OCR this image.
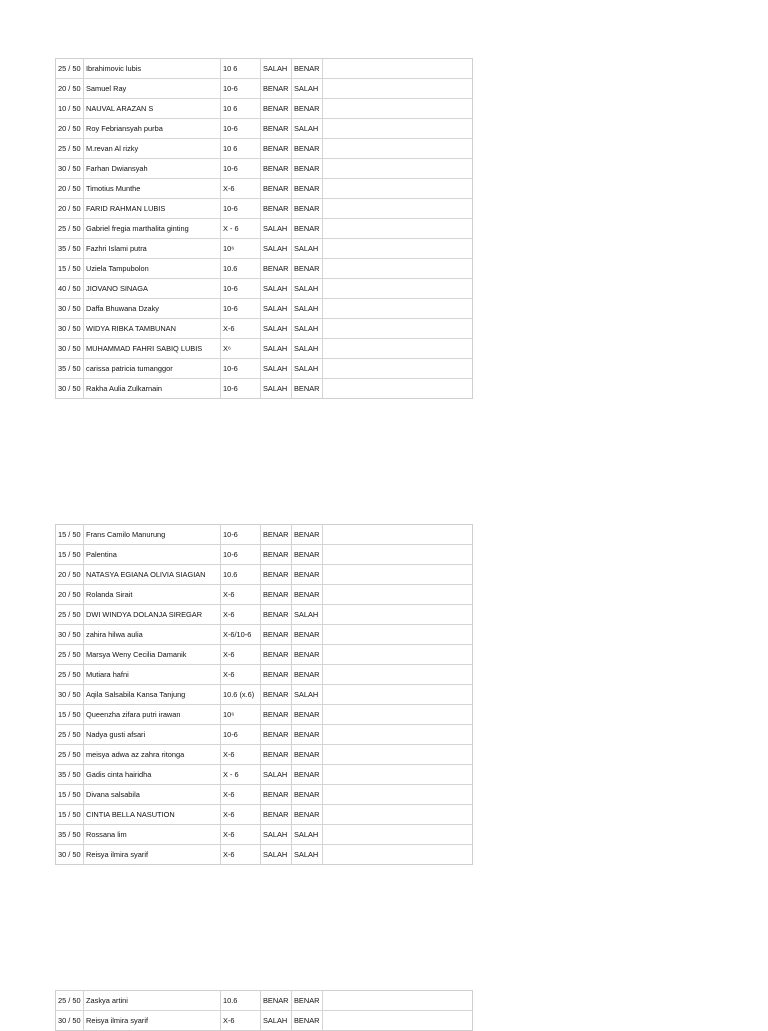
25 / 50	Ibrahimovic lubis	10 6	SALAH	BENAR	
20 / 50	Samuel Ray	10-6	BENAR	SALAH	
10 / 50	NAUVAL ARAZAN S	10 6	BENAR	BENAR	
20 / 50	Roy Febriansyah purba	10-6	BENAR	SALAH	
25 / 50	M.revan Al rizky	10 6	BENAR	BENAR	
30 / 50	Farhan Dwiansyah	10-6	BENAR	BENAR	
20 / 50	Timotius Munthe	X-6	BENAR	BENAR	
20 / 50	FARID RAHMAN LUBIS	10-6	BENAR	BENAR	
25 / 50	Gabriel fregia marthalita ginting	X - 6	SALAH	BENAR	
35 / 50	Fazhri Islami putra	10⁶	SALAH	SALAH	
15 / 50	Uziela Tampubolon	10.6	BENAR	BENAR	
40 / 50	JIOVANO SINAGA	10-6	SALAH	SALAH	
30 / 50	Daffa Bhuwana Dzaky	10-6	SALAH	SALAH	
30 / 50	WIDYA RIBKA TAMBUNAN	X-6	SALAH	SALAH	
30 / 50	MUHAMMAD FAHRI SABIQ LUBIS	X⁶	SALAH	SALAH	
35 / 50	carissa patricia tumanggor	10-6	SALAH	SALAH	
30 / 50	Rakha Aulia Zulkarnain	10-6	SALAH	BENAR	
15 / 50	Frans Camilo Manurung	10-6	BENAR	BENAR	
15 / 50	Palentina	10-6	BENAR	BENAR	
20 / 50	NATASYA EGIANA OLIVIA SIAGIAN	10.6	BENAR	BENAR	
20 / 50	Rolanda Sirait	X-6	BENAR	BENAR	
25 / 50	DWI WINDYA DOLANJA SIREGAR	X-6	BENAR	SALAH	
30 / 50	zahira hilwa aulia	X-6/10-6	BENAR	BENAR	
25 / 50	Marsya Weny Cecilia Damanik	X-6	BENAR	BENAR	
25 / 50	Mutiara hafni	X-6	BENAR	BENAR	
30 / 50	Aqila Salsabila Kansa Tanjung	10.6 (x.6)	BENAR	SALAH	
15 / 50	Queenzha zifara putri irawan	10⁶	BENAR	BENAR	
25 / 50	Nadya gusti afsari	10-6	BENAR	BENAR	
25 / 50	meisya adwa az zahra ritonga	X-6	BENAR	BENAR	
35 / 50	Gadis cinta hairidha	X - 6	SALAH	BENAR	
15 / 50	Divana salsabila	X-6	BENAR	BENAR	
15 / 50	CINTIA BELLA NASUTION	X-6	BENAR	BENAR	
35 / 50	Rossana lim	X-6	SALAH	SALAH	
30 / 50	Reisya ilmira syarif	X-6	SALAH	SALAH	
25 / 50	Zaskya artini	10.6	BENAR	BENAR	
30 / 50	Reisya ilmira syarif	X-6	SALAH	BENAR	
